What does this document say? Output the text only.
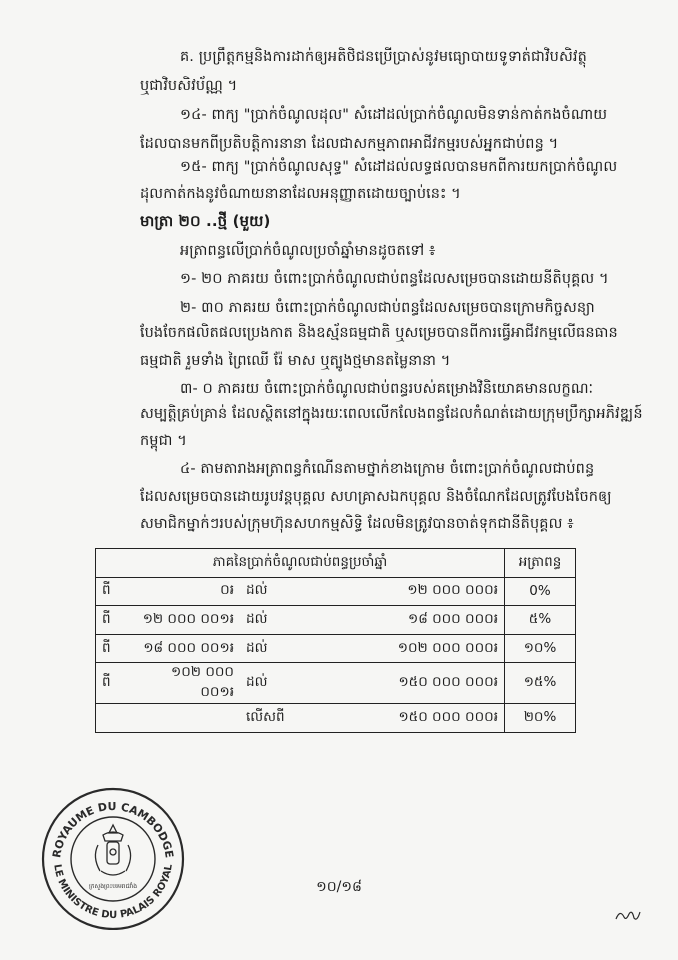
គ. ប្រព្រឹត្តកម្មនិងការដាក់ឲ្យអតិថិជនប្រើប្រាស់នូវមធ្យោបាយទូទាត់ជាវិបសិវត្ថុ
ឬជាវិបសិវប័ណ្ណ ។
១៤- ពាក្យ "ប្រាក់ចំណូលដុល" សំដៅដល់ប្រាក់ចំណូលមិនទាន់កាត់កងចំណាយ
ដែលបានមកពីប្រតិបត្តិការនានា ដែលជាសកម្មភាពអាជីវកម្មរបស់អ្នកជាប់ពន្ធ ។
១៥- ពាក្យ "ប្រាក់ចំណូលសុទ្ធ" សំដៅដល់លទ្ធផលបានមកពីការយកប្រាក់ចំណូល
ដុលកាត់កងនូវចំណាយនានាដែលអនុញ្ញាតដោយច្បាប់នេះ ។
មាត្រា ២០ ..ថ្មី (មួយ)
អត្រាពន្ធលើប្រាក់ចំណូលប្រចាំឆ្នាំមានដូចតទៅ ៖
១- ២០ ភាគរយ ចំពោះប្រាក់ចំណូលជាប់ពន្ធដែលសម្រេចបានដោយនីតិបុគ្គល ។
២- ៣០ ភាគរយ ចំពោះប្រាក់ចំណូលជាប់ពន្ធដែលសម្រេចបានក្រោមកិច្ចសន្យា
បែងចែកផលិតផលប្រេងកាត និងឧស្ម័នធម្មជាតិ ឬសម្រេចបានពីការធ្វើអាជីវកម្មលើធនធាន
ធម្មជាតិ រួមទាំង ព្រៃឈើ រ៉ែ មាស ឬត្បូងថ្មមានតម្លៃនានា ។
៣- ០ ភាគរយ ចំពោះប្រាក់ចំណូលជាប់ពន្ធរបស់គម្រោងវិនិយោគមានលក្ខណៈ
សម្បត្តិគ្រប់គ្រាន់ ដែលស្ថិតនៅក្នុងរយៈពេលលើកលែងពន្ធដែលកំណត់ដោយក្រុមប្រឹក្សាអភិវឌ្ឍន៍
កម្ពុជា ។
៤- តាមតារាងអត្រាពន្ធកំណើនតាមថ្នាក់ខាងក្រោម ចំពោះប្រាក់ចំណូលជាប់ពន្ធ
ដែលសម្រេចបានដោយរូបវន្តបុគ្គល សហគ្រាសឯកបុគ្គល និងចំណែកដែលត្រូវបែងចែកឲ្យ
សមាជិកម្នាក់ៗរបស់ក្រុមហ៊ុនសហកម្មសិទ្ធិ ដែលមិនត្រូវបានចាត់ទុកជានីតិបុគ្គល ៖
ភាគនៃប្រាក់ចំណូលជាប់ពន្ធប្រចាំឆ្នាំ				អត្រាពន្ធ
ពី	០៛	ដល់	១២ ០០០ ០០០៛	0%
ពី	១២ ០០០ ០០១៛	ដល់	១៨ ០០០ ០០០៛	៥%
ពី	១៨ ០០០ ០០១៛	ដល់	១០២ ០០០ ០០០៛	១០%
ពី	១០២ ០០០ ០០១៛	ដល់	១៥០ ០០០ ០០០៛	១៥%
		លើសពី	១៥០ ០០០ ០០០៛	២០%
ROYAUME DU CAMBODGE
LE MINISTRE DU PALAIS ROYAL
ក្រសួងព្រះបរមរាជវាំង	១០/១៨
